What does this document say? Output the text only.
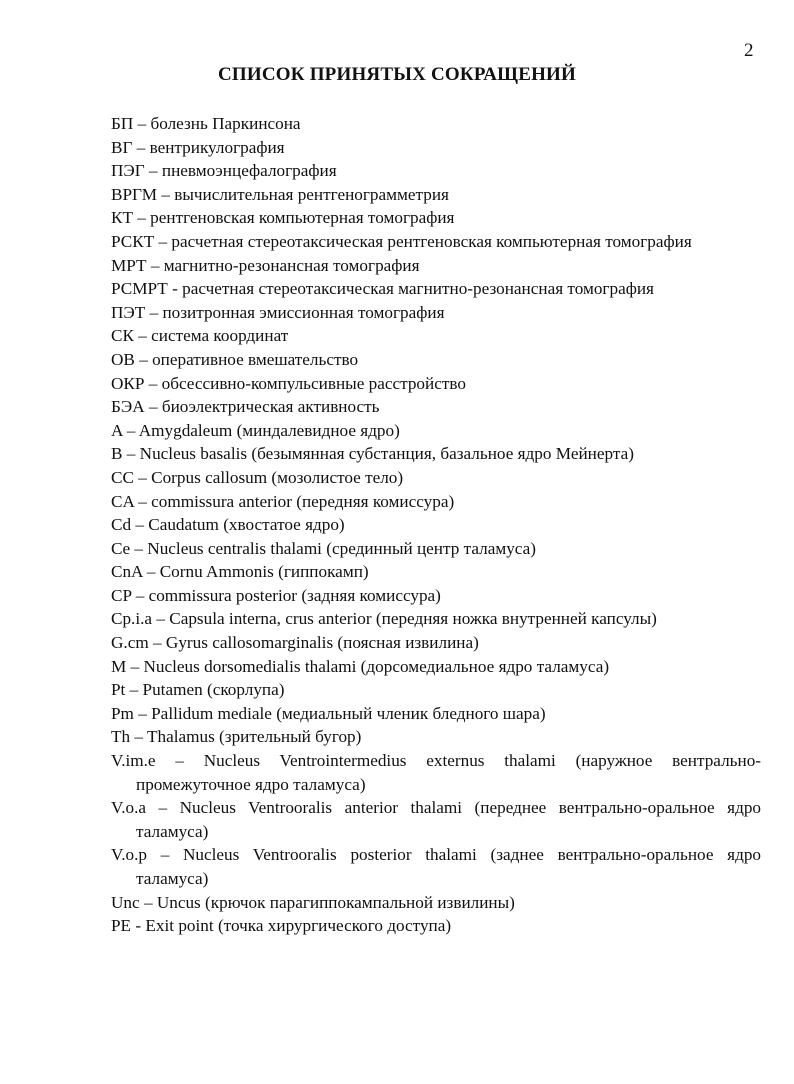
2
СПИСОК ПРИНЯТЫХ СОКРАЩЕНИЙ
БП – болезнь Паркинсона
ВГ – вентрикулография
ПЭГ – пневмоэнцефалография
ВРГМ – вычислительная рентгенограмметрия
КТ – рентгеновская компьютерная томография
РСКТ – расчетная стереотаксическая рентгеновская компьютерная томография
МРТ – магнитно-резонансная томография
РСМРТ - расчетная стереотаксическая магнитно-резонансная томография
ПЭТ – позитронная эмиссионная томография
СК – система координат
ОВ – оперативное вмешательство
ОКР – обсессивно-компульсивные расстройство
БЭА – биоэлектрическая активность
A – Amygdaleum (миндалевидное ядро)
B – Nucleus basalis (безымянная субстанция, базальное ядро Мейнерта)
CC – Corpus callosum (мозолистое тело)
CA – commissura anterior (передняя комиссура)
Cd – Caudatum (хвостатое ядро)
Ce – Nucleus centralis thalami (срединный центр таламуса)
CnA – Cornu Ammonis (гиппокамп)
CP – commissura posterior (задняя комиссура)
Cp.i.a – Capsula interna, crus anterior (передняя ножка внутренней капсулы)
G.cm – Gyrus callosomarginalis (поясная извилина)
M – Nucleus dorsomedialis thalami (дорсомедиальное ядро таламуса)
Pt – Putamen (скорлупа)
Pm – Pallidum mediale (медиальный членик бледного шара)
Th – Thalamus (зрительный бугор)
V.im.e – Nucleus Ventrointermedius externus thalami (наружное вентрально-промежуточное ядро таламуса)
V.o.a – Nucleus Ventrooralis anterior thalami (переднее вентрально-оральное ядро таламуса)
V.o.p – Nucleus Ventrooralis posterior thalami (заднее вентрально-оральное ядро таламуса)
Unc – Uncus (крючок парагиппокампальной извилины)
PE - Exit point (точка хирургического доступа)
